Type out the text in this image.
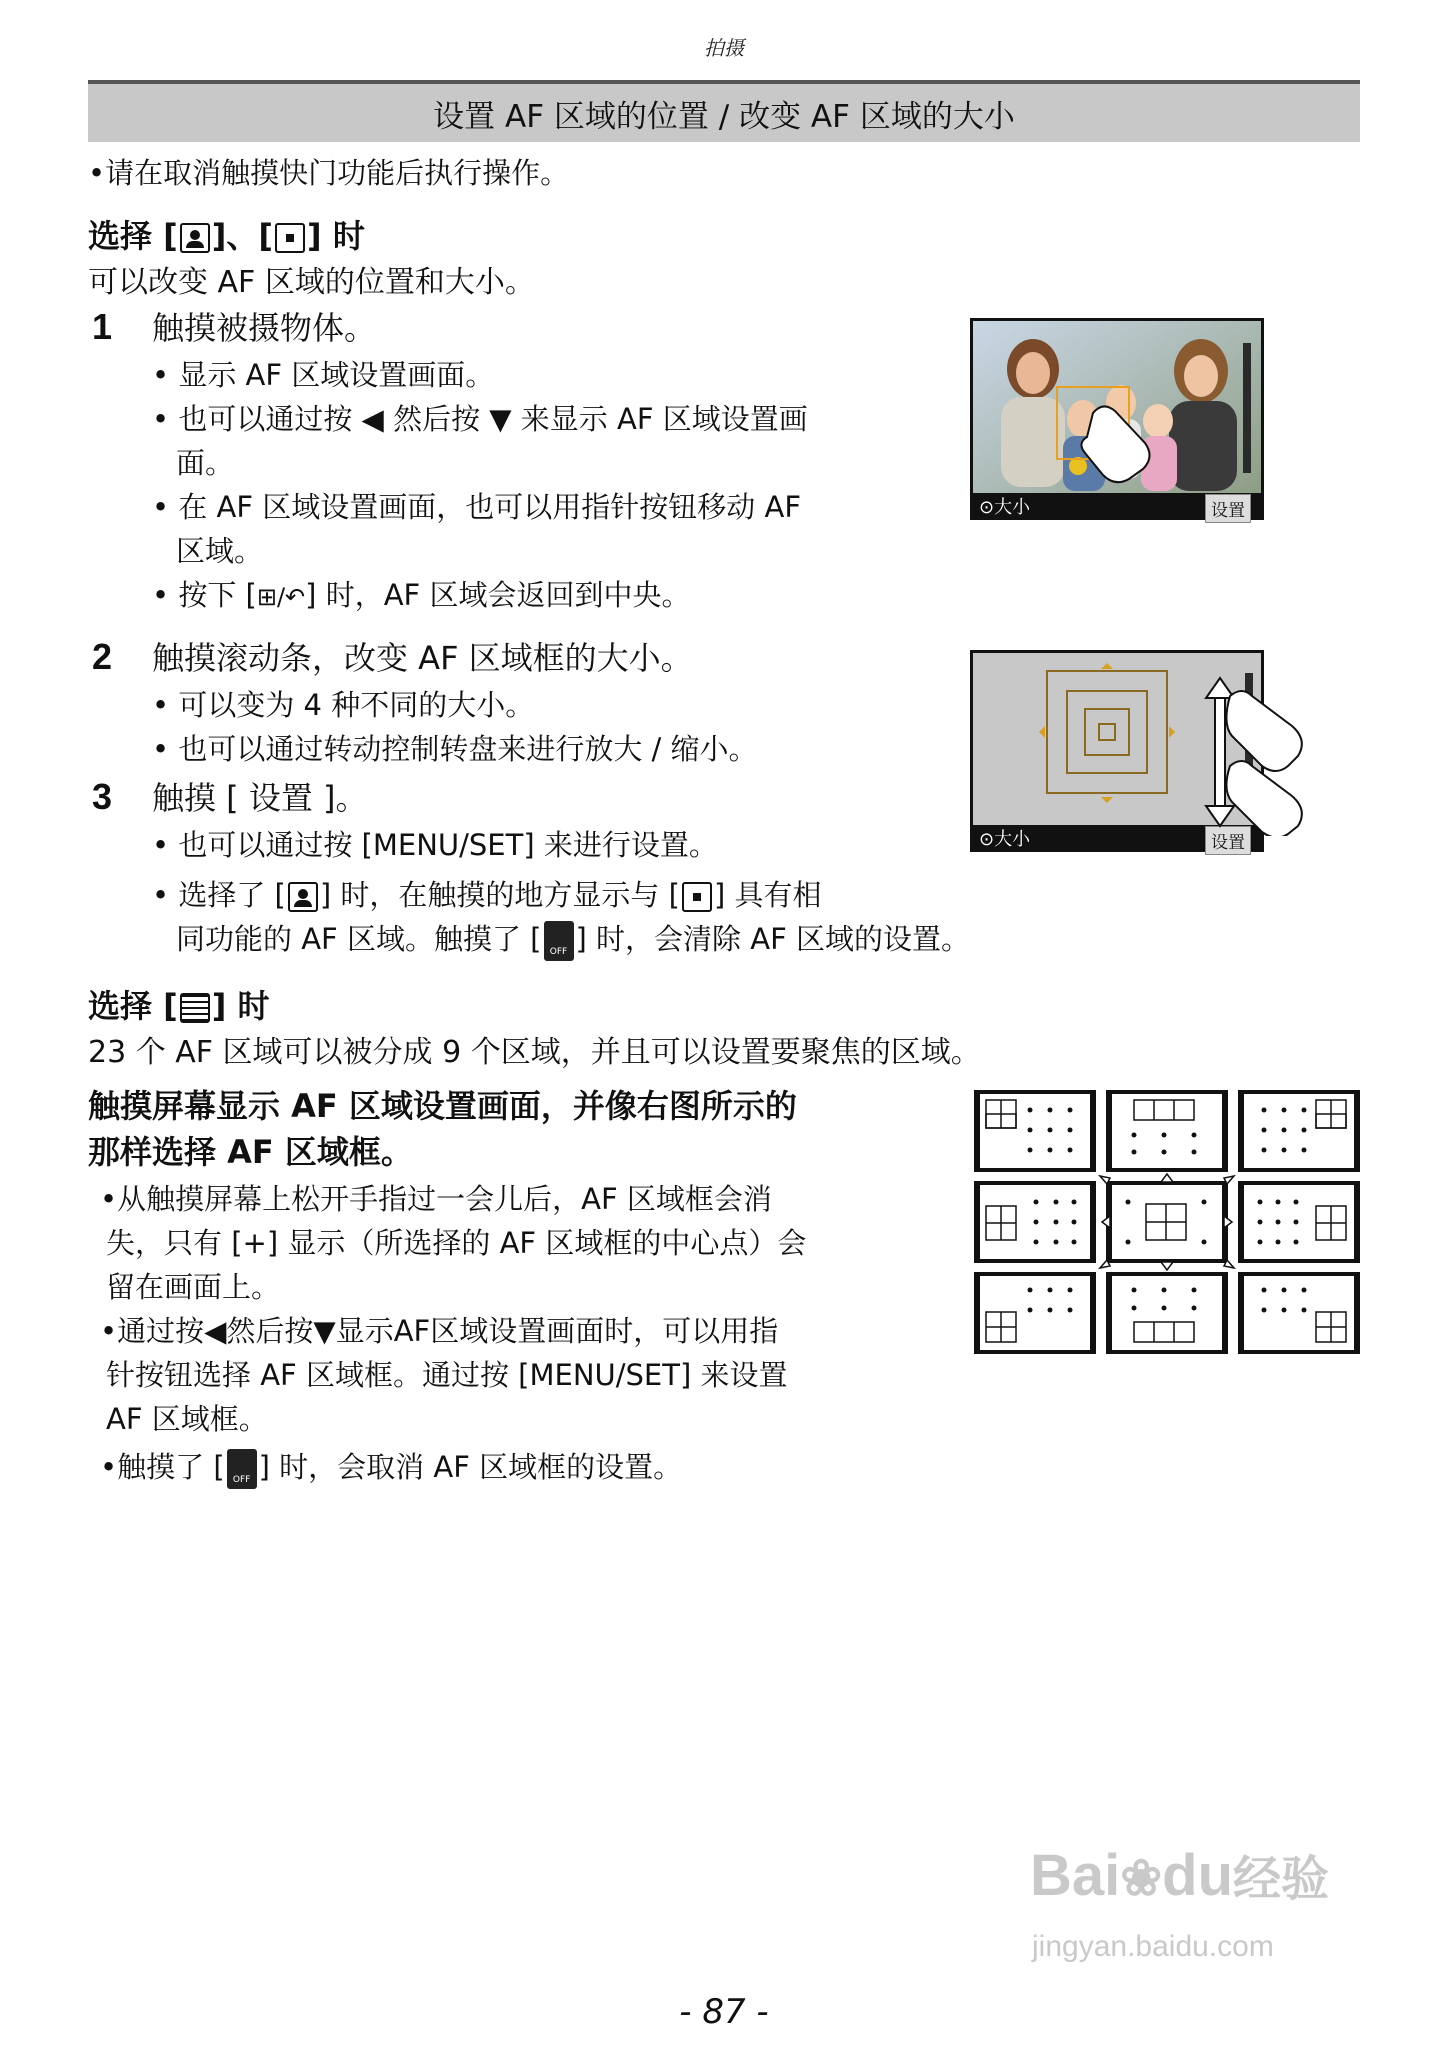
拍摄
设置 AF 区域的位置 / 改变 AF 区域的大小
•请在取消触摸快门功能后执行操作。
选择 [ ]、[ ] 时
可以改变 AF 区域的位置和大小。
1 触摸被摄物体。
• 显示 AF 区域设置画面。
• 也可以通过按 ◀ 然后按 ▼ 来显示 AF 区域设置画
面。
• 在 AF 区域设置画面，也可以用指针按钮移动 AF
区域。
• 按下 [⊞/↶] 时，AF 区域会返回到中央。
⊙大小	设置
2 触摸滚动条，改变 AF 区域框的大小。
• 可以变为 4 种不同的大小。
• 也可以通过转动控制转盘来进行放大 / 缩小。
3 触摸 [ 设置 ]。
• 也可以通过按 [MENU/SET] 来进行设置。
• 选择了 [ ] 时，在触摸的地方显示与 [ ] 具有相
同功能的 AF 区域。触摸了 [ OFF ] 时，会清除 AF 区域的设置。
⊙大小	设置
选择 [ ] 时
23 个 AF 区域可以被分成 9 个区域，并且可以设置要聚焦的区域。
触摸屏幕显示 AF 区域设置画面，并像右图所示的
那样选择 AF 区域框。
•从触摸屏幕上松开手指过一会儿后，AF 区域框会消
失，只有 [+] 显示（所选择的 AF 区域框的中心点）会
留在画面上。
•通过按◀然后按▼显示AF区域设置画面时，可以用指
针按钮选择 AF 区域框。通过按 [MENU/SET] 来设置
AF 区域框。
•触摸了 [ OFF ] 时，会取消 AF 区域框的设置。
Bai❀du经验
jingyan.baidu.com
- 87 -
